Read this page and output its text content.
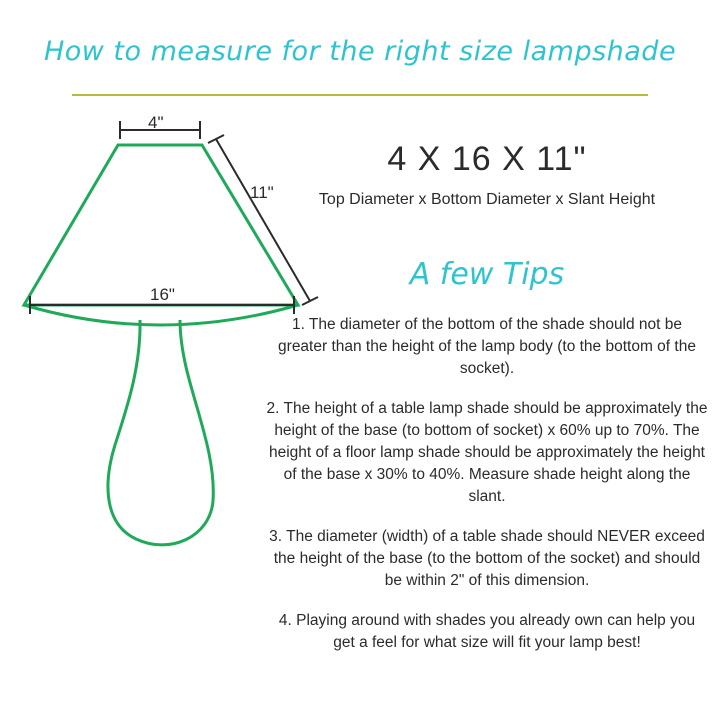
How to measure for the right size lampshade
4"
11"
16"
4 X 16 X 11"
Top Diameter x Bottom Diameter x Slant Height
A few Tips
1. The diameter of the bottom of the shade should not be greater than the height of the lamp body (to the bottom of the socket).
2. The height of a table lamp shade should be approximately the height of the base (to bottom of socket) x 60% up to 70%. The height of a floor lamp shade should be approximately the height of the base x 30% to 40%. Measure shade height along the slant.
3. The diameter (width) of a table shade should NEVER exceed the height of the base (to the bottom of the socket) and should be within 2" of this dimension.
4. Playing around with shades you already own can help you get a feel for what size will fit your lamp best!
